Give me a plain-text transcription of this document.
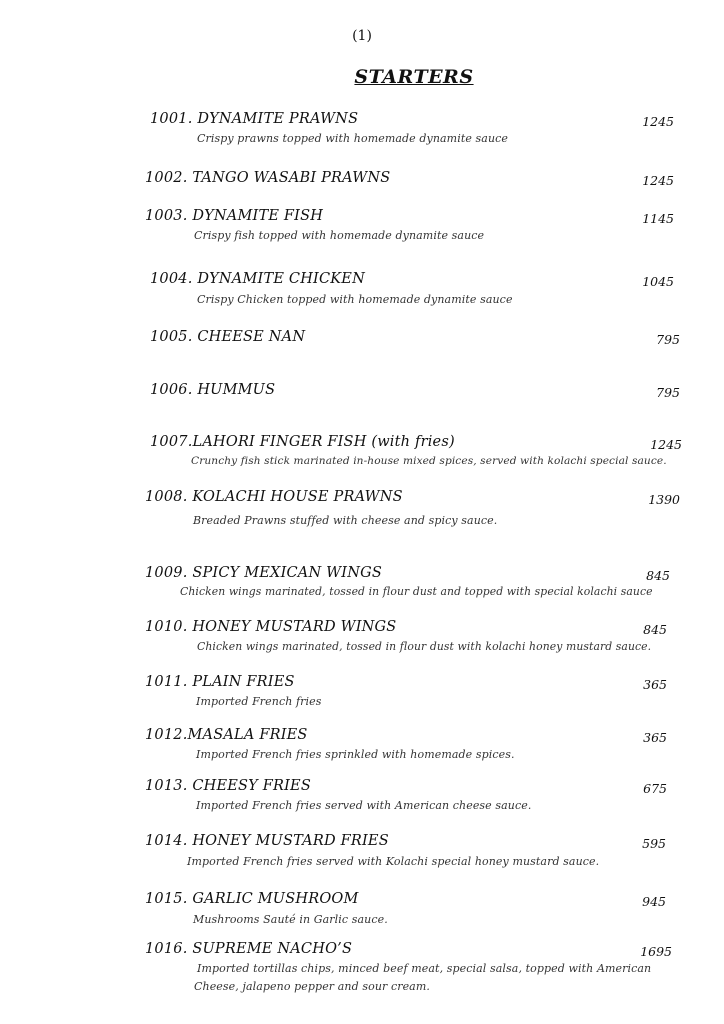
(1)
STARTERS
1001. DYNAMITE PRAWNS	1245
Crispy prawns topped with homemade dynamite sauce
1002. TANGO WASABI PRAWNS	1245
1003. DYNAMITE FISH	1145
Crispy fish topped with homemade dynamite sauce
1004. DYNAMITE CHICKEN	1045
Crispy Chicken topped with homemade dynamite sauce
1005. CHEESE NAN	795
1006. HUMMUS	795
1007.LAHORI FINGER FISH (with fries)	1245
Crunchy fish stick marinated in-house mixed spices, served with kolachi special sauce.
1008. KOLACHI HOUSE PRAWNS	1390
Breaded Prawns stuffed with cheese and spicy sauce.
1009. SPICY MEXICAN WINGS	845
Chicken wings marinated, tossed in flour dust and topped with special kolachi sauce
1010. HONEY MUSTARD WINGS	845
Chicken wings marinated, tossed in flour dust with kolachi honey mustard sauce.
1011. PLAIN FRIES	365
Imported French fries
1012.MASALA FRIES	365
Imported French fries sprinkled with homemade spices.
1013. CHEESY FRIES	675
Imported French fries served with American cheese sauce.
1014. HONEY MUSTARD FRIES	595
Imported French fries served with Kolachi special honey mustard sauce.
1015. GARLIC MUSHROOM	945
Mushrooms Sauté in Garlic sauce.
1016. SUPREME NACHO’S	1695
Imported tortillas chips, minced beef meat, special salsa, topped with American
Cheese, jalapeno pepper and sour cream.
